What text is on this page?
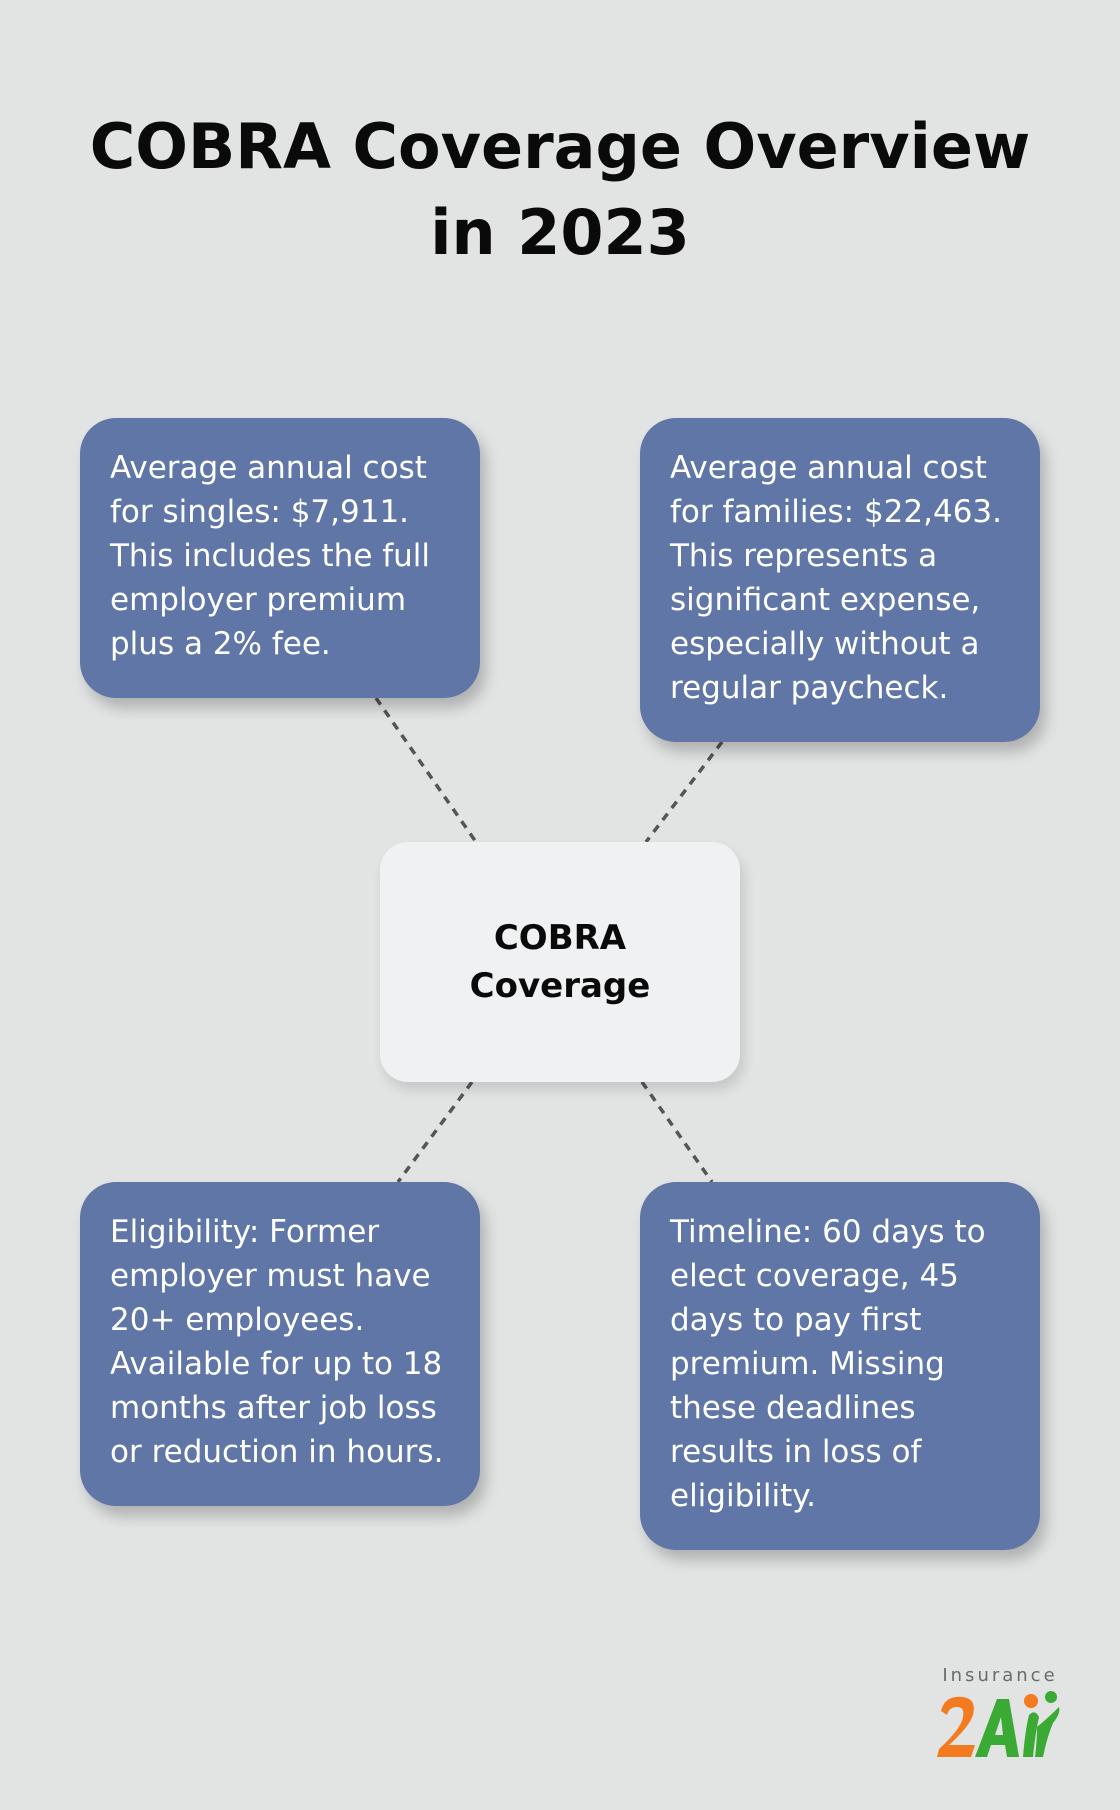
COBRA Coverage Overview in 2023
Average annual cost for singles: $7,911. This includes the full employer premium plus a 2% fee.
Average annual cost for families: $22,463. This represents a significant expense, especially without a regular paycheck.
COBRA Coverage
Eligibility: Former employer must have 20+ employees. Available for up to 18 months after job loss or reduction in hours.
Timeline: 60 days to elect coverage, 45 days to pay first premium. Missing these deadlines results in loss of eligibility.
Insurance
